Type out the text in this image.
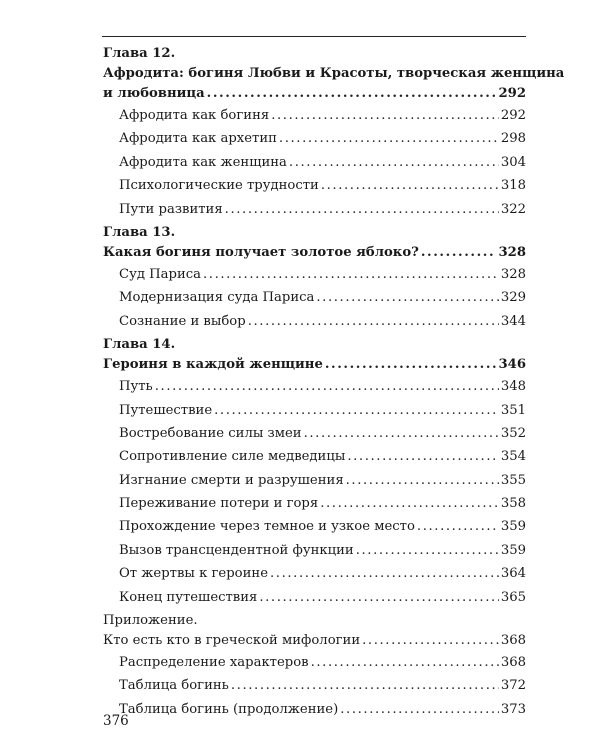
Глава 12.
Афродита: богиня Любви и Красоты, творческая женщина
и любовница .....	292
Афродита как богиня .....	292
Афродита как архетип .....	298
Афродита как женщина .....	304
Психологические трудности .....	318
Пути развития .....	322
Глава 13.
Какая богиня получает золотое яблоко? .....	328
Суд Париса .....	328
Модернизация суда Париса .....	329
Сознание и выбор .....	344
Глава 14.
Героиня в каждой женщине .....	346
Путь .....	348
Путешествие .....	351
Востребование силы змеи .....	352
Сопротивление силе медведицы .....	354
Изгнание смерти и разрушения .....	355
Переживание потери и горя .....	358
Прохождение через темное и узкое место .....	359
Вызов трансцендентной функции .....	359
От жертвы к героине .....	364
Конец путешествия .....	365
Приложение.
Кто есть кто в греческой мифологии .....	368
Распределение характеров .....	368
Таблица богинь .....	372
Таблица богинь (продолжение) .....	373
376
